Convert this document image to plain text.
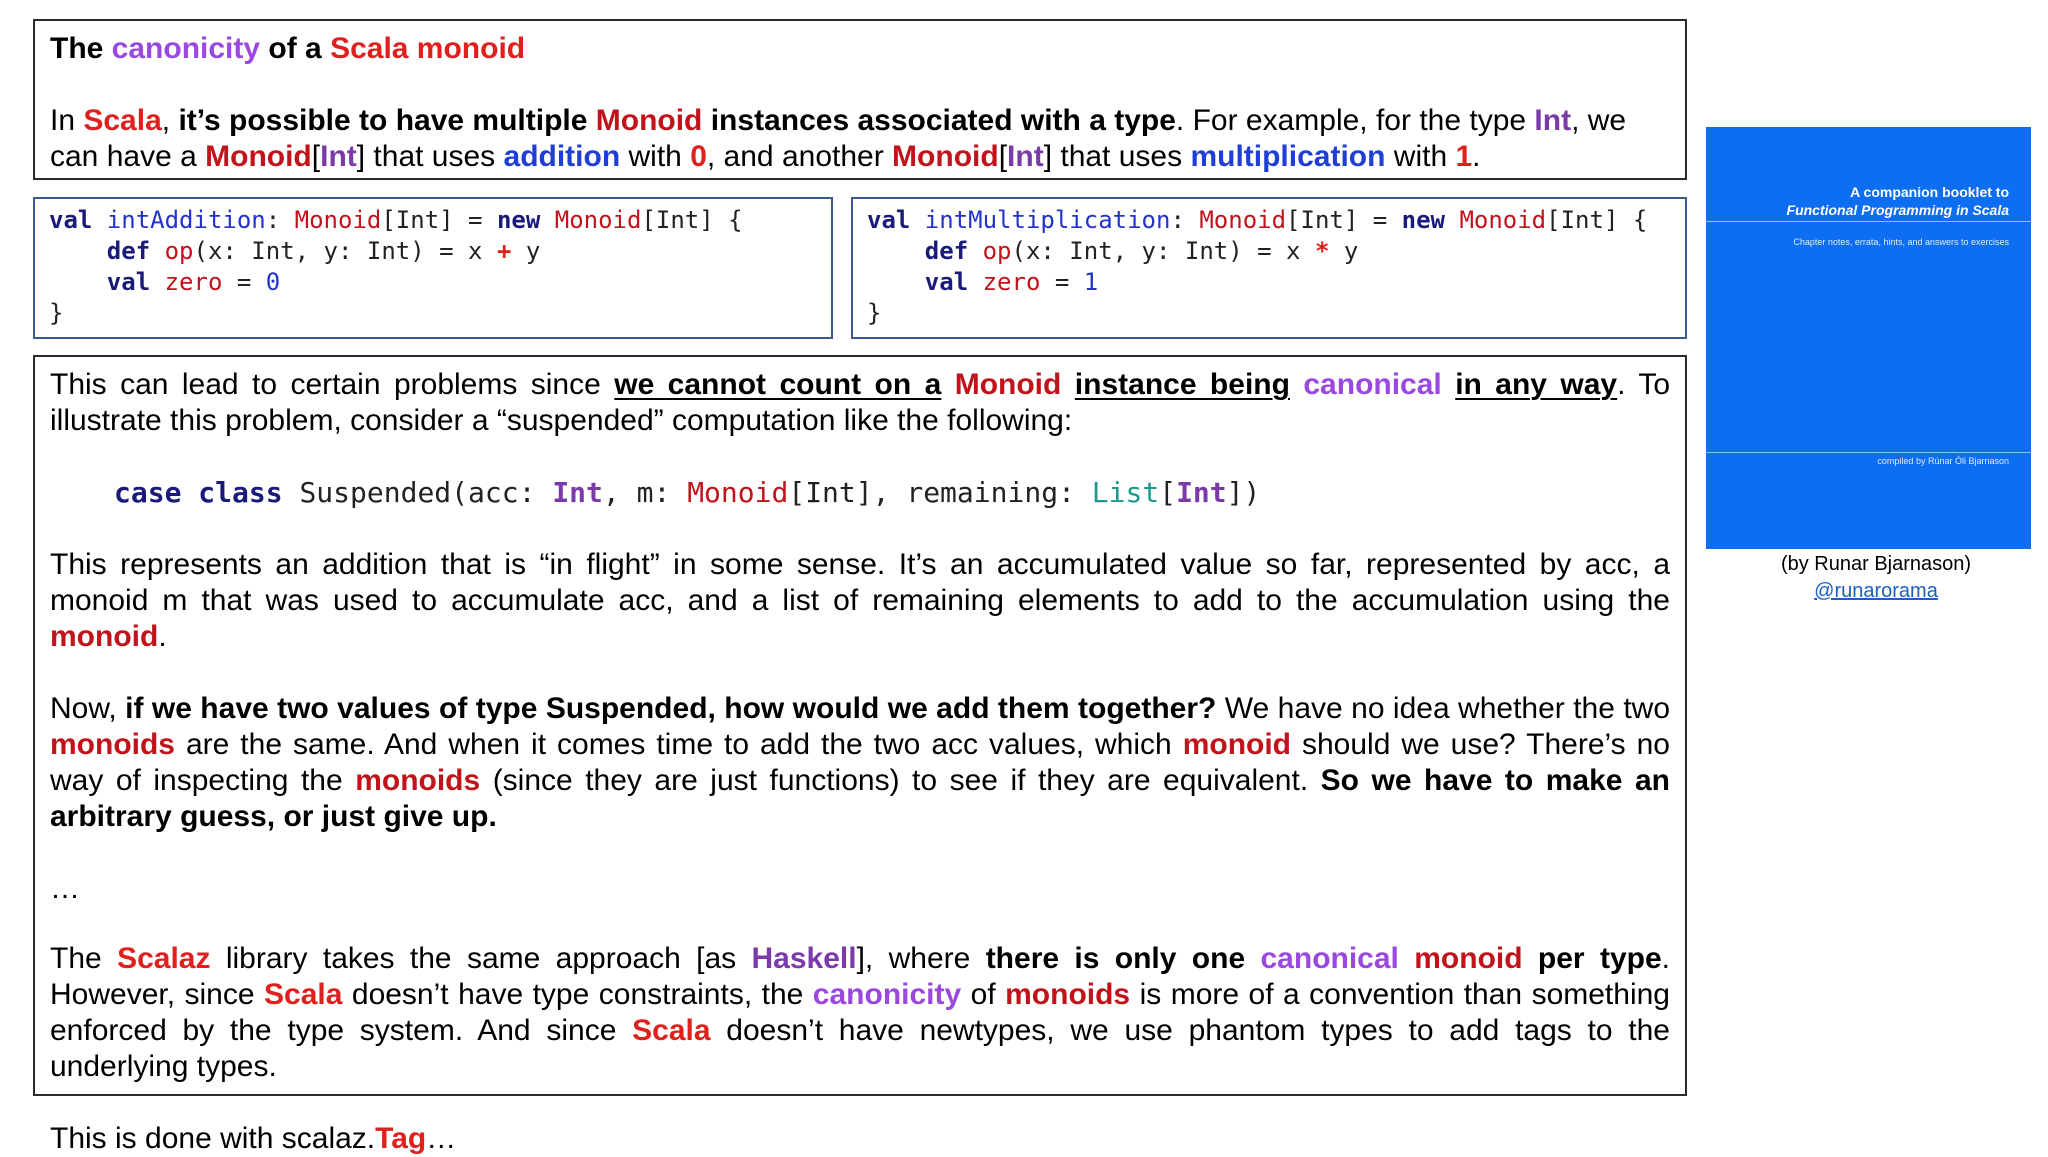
The canonicity of a Scala monoid

In Scala, it’s possible to have multiple Monoid instances associated with a type. For example, for the type Int, we can have a Monoid[Int] that uses addition with 0, and another Monoid[Int] that uses multiplication with 1.

val intAddition: Monoid[Int] = new Monoid[Int] {
def op(x: Int, y: Int) = x + y
val zero = 0
}
val intMultiplication: Monoid[Int] = new Monoid[Int] {
def op(x: Int, y: Int) = x * y
val zero = 1
}

This can lead to certain problems since we cannot count on a Monoid instance being canonical in any way. To illustrate this problem, consider a “suspended” computation like the following:

case class Suspended(acc: Int, m: Monoid[Int], remaining: List[Int])

This represents an addition that is “in flight” in some sense. It’s an accumulated value so far, represented by acc, a monoid m that was used to accumulate acc, and a list of remaining elements to add to the accumulation using the monoid.

Now, if we have two values of type Suspended, how would we add them together? We have no idea whether the two monoids are the same. And when it comes time to add the two acc values, which monoid should we use? There’s no way of inspecting the monoids (since they are just functions) to see if they are equivalent. So we have to make an arbitrary guess, or just give up.

…

The Scalaz library takes the same approach [as Haskell], where there is only one canonical monoid per type. However, since Scala doesn’t have type constraints, the canonicity of monoids is more of a convention than something enforced by the type system. And since Scala doesn’t have newtypes, we use phantom types to add tags to the underlying types.

This is done with scalaz.Tag…

A companion booklet to
Functional Programming in Scala
Chapter notes, errata, hints, and answers to exercises
compiled by Rúnar Óli Bjarnason
(by Runar Bjarnason)
@runarorama
